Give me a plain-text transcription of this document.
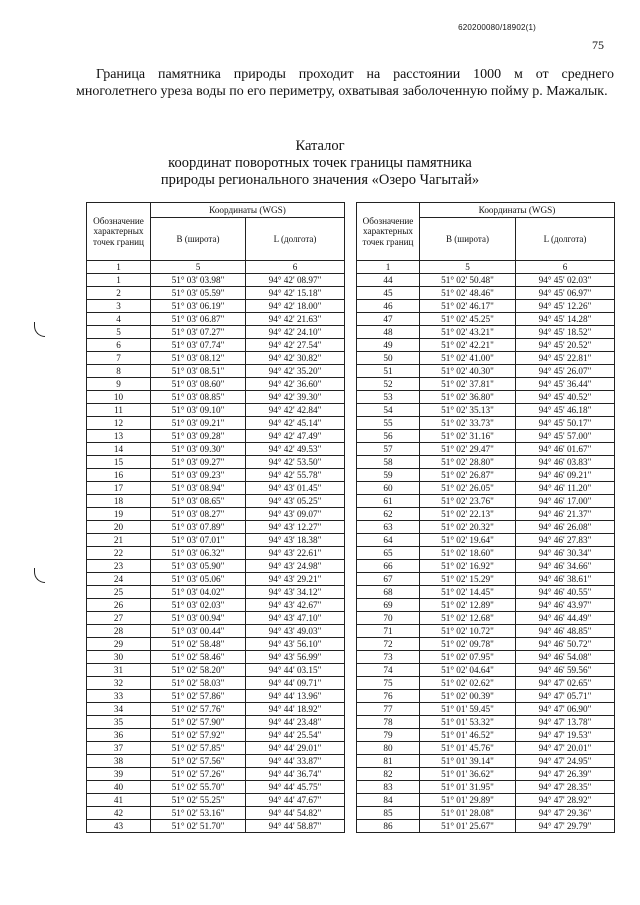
620200080/18902(1)
75

Граница памятника природы проходит на расстоянии 1000 м от среднего многолетнего уреза воды по его периметру, охватывая заболоченную пойму р. Мажалык.

Каталог
координат поворотных точек границы памятника
природы регионального значения «Озеро Чагытай»
Обозначение характерных точек границ	Координаты (WGS)	
	B (широта)	L (долгота)
1	5	6
1	51° 03' 03.98"	94° 42' 08.97"
2	51° 03' 05.59"	94° 42' 15.18"
3	51° 03' 06.19"	94° 42' 18.00"
4	51° 03' 06.87"	94° 42' 21.63"
5	51° 03' 07.27"	94° 42' 24.10"
6	51° 03' 07.74"	94° 42' 27.54"
7	51° 03' 08.12"	94° 42' 30.82"
8	51° 03' 08.51"	94° 42' 35.20"
9	51° 03' 08.60"	94° 42' 36.60"
10	51° 03' 08.85"	94° 42' 39.30"
11	51° 03' 09.10"	94° 42' 42.84"
12	51° 03' 09.21"	94° 42' 45.14"
13	51° 03' 09.28"	94° 42' 47.49"
14	51° 03' 09.30"	94° 42' 49.53"
15	51° 03' 09.27"	94° 42' 53.50"
16	51° 03' 09.23"	94° 42' 55.78"
17	51° 03' 08.94"	94° 43' 01.45"
18	51° 03' 08.65"	94° 43' 05.25"
19	51° 03' 08.27"	94° 43' 09.07"
20	51° 03' 07.89"	94° 43' 12.27"
21	51° 03' 07.01"	94° 43' 18.38"
22	51° 03' 06.32"	94° 43' 22.61"
23	51° 03' 05.90"	94° 43' 24.98"
24	51° 03' 05.06"	94° 43' 29.21"
25	51° 03' 04.02"	94° 43' 34.12"
26	51° 03' 02.03"	94° 43' 42.67"
27	51° 03' 00.94"	94° 43' 47.10"
28	51° 03' 00.44"	94° 43' 49.03"
29	51° 02' 58.48"	94° 43' 56.10"
30	51° 02' 58.46"	94° 43' 56.99"
31	51° 02' 58.20"	94° 44' 03.15"
32	51° 02' 58.03"	94° 44' 09.71"
33	51° 02' 57.86"	94° 44' 13.96"
34	51° 02' 57.76"	94° 44' 18.92"
35	51° 02' 57.90"	94° 44' 23.48"
36	51° 02' 57.92"	94° 44' 25.54"
37	51° 02' 57.85"	94° 44' 29.01"
38	51° 02' 57.56"	94° 44' 33.87"
39	51° 02' 57.26"	94° 44' 36.74"
40	51° 02' 55.70"	94° 44' 45.75"
41	51° 02' 55.25"	94° 44' 47.67"
42	51° 02' 53.16"	94° 44' 54.82"
43	51° 02' 51.70"	94° 44' 58.87"
Обозначение характерных точек границ	Координаты (WGS)	
	B (широта)	L (долгота)
1	5	6
44	51° 02' 50.48"	94° 45' 02.03"
45	51° 02' 48.46"	94° 45' 06.97"
46	51° 02' 46.17"	94° 45' 12.26"
47	51° 02' 45.25"	94° 45' 14.28"
48	51° 02' 43.21"	94° 45' 18.52"
49	51° 02' 42.21"	94° 45' 20.52"
50	51° 02' 41.00"	94° 45' 22.81"
51	51° 02' 40.30"	94° 45' 26.07"
52	51° 02' 37.81"	94° 45' 36.44"
53	51° 02' 36.80"	94° 45' 40.52"
54	51° 02' 35.13"	94° 45' 46.18"
55	51° 02' 33.73"	94° 45' 50.17"
56	51° 02' 31.16"	94° 45' 57.00"
57	51° 02' 29.47"	94° 46' 01.67"
58	51° 02' 28.80"	94° 46' 03.83"
59	51° 02' 26.87"	94° 46' 09.21"
60	51° 02' 26.05"	94° 46' 11.20"
61	51° 02' 23.76"	94° 46' 17.00"
62	51° 02' 22.13"	94° 46' 21.37"
63	51° 02' 20.32"	94° 46' 26.08"
64	51° 02' 19.64"	94° 46' 27.83"
65	51° 02' 18.60"	94° 46' 30.34"
66	51° 02' 16.92"	94° 46' 34.66"
67	51° 02' 15.29"	94° 46' 38.61"
68	51° 02' 14.45"	94° 46' 40.55"
69	51° 02' 12.89"	94° 46' 43.97"
70	51° 02' 12.68"	94° 46' 44.49"
71	51° 02' 10.72"	94° 46' 48.85"
72	51° 02' 09.78"	94° 46' 50.72"
73	51° 02' 07.95"	94° 46' 54.08"
74	51° 02' 04.64"	94° 46' 59.56"
75	51° 02' 02.62"	94° 47' 02.65"
76	51° 02' 00.39"	94° 47' 05.71"
77	51° 01' 59.45"	94° 47' 06.90"
78	51° 01' 53.32"	94° 47' 13.78"
79	51° 01' 46.52"	94° 47' 19.53"
80	51° 01' 45.76"	94° 47' 20.01"
81	51° 01' 39.14"	94° 47' 24.95"
82	51° 01' 36.62"	94° 47' 26.39"
83	51° 01' 31.95"	94° 47' 28.35"
84	51° 01' 29.89"	94° 47' 28.92"
85	51° 01' 28.08"	94° 47' 29.36"
86	51° 01' 25.67"	94° 47' 29.79"
